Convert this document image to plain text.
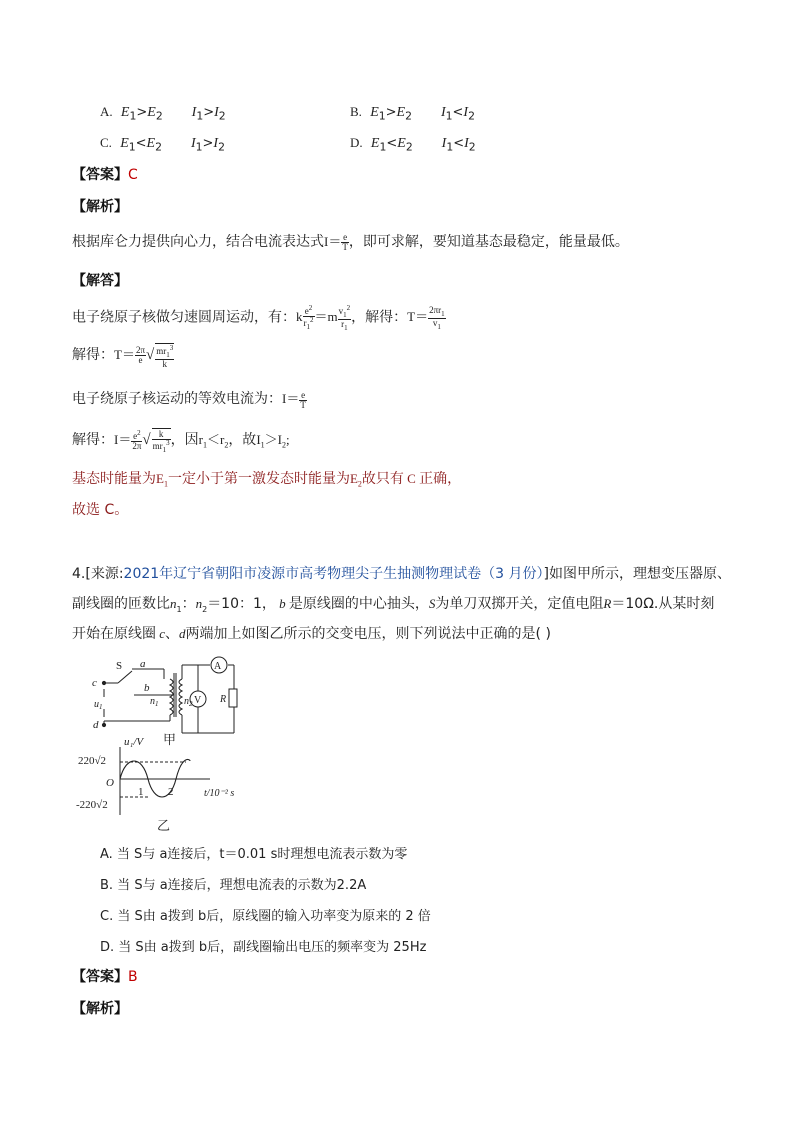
A. $E_1>E_2$ $I_1>I_2$	B. $E_1>E_2$ $I_1<I_2$
C. $E_1<E_2$ $I_1>I_2$	D. $E_1<E_2$ $I_1<I_2$
【答案】C
【解析】
根据库仑力提供向心力，结合电流表达式$I= \frac{e}{T}$ ，即可求解，要知道基态最稳定，能量最低。
【解答】
电子绕原子核做匀速圆周运动，有：k $\frac{e^2}{r_1^2} =m \frac{v_1^2}{r_1}$ ，解得：$T= \frac{2\pi r_1}{v_1}$
解得：$T= \frac{2\pi}{e}$ √ $\frac{mr_1^3}{k}$
电子绕原子核运动的等效电流为：$I= \frac{e}{T}$
解得：$I= \frac{e^2}{2\pi}$ √ $\frac{k}{mr_1^3}$ ，因$r_1<r_2$，故$I_1>I_2$;
基态时能量为$E_1$一定小于第一激发态时能量为$E_2$故只有 C 正确，
故选 C。
4.[来源:2021年辽宁省朝阳市凌源市高考物理尖子生抽测物理试卷（3 月份）]如图甲所示，理想变压器原、
副线圈的匝数比$n_1$：$n_2=10$：1， b 是原线圈的中心抽头，S为单刀双掷开关，定值电阻R＝10Ω.从某时刻
开始在原线圈 c、d两端加上如图乙所示的交变电压，则下列说法中正确的是( )
S a
b
c
d
$u_1$	$n_1$	$n_2$
A
V R
甲
u₁/V
220√2
O
1 2	t/10⁻² s
-220√2
乙
A. 当 S与 a连接后，t＝0.01 s时理想电流表示数为零
B. 当 S与 a连接后，理想电流表的示数为2.2A
C. 当 S由 a拨到 b后，原线圈的输入功率变为原来的 2 倍
D. 当 S由 a拨到 b后，副线圈输出电压的频率变为 25Hz
【答案】B
【解析】
